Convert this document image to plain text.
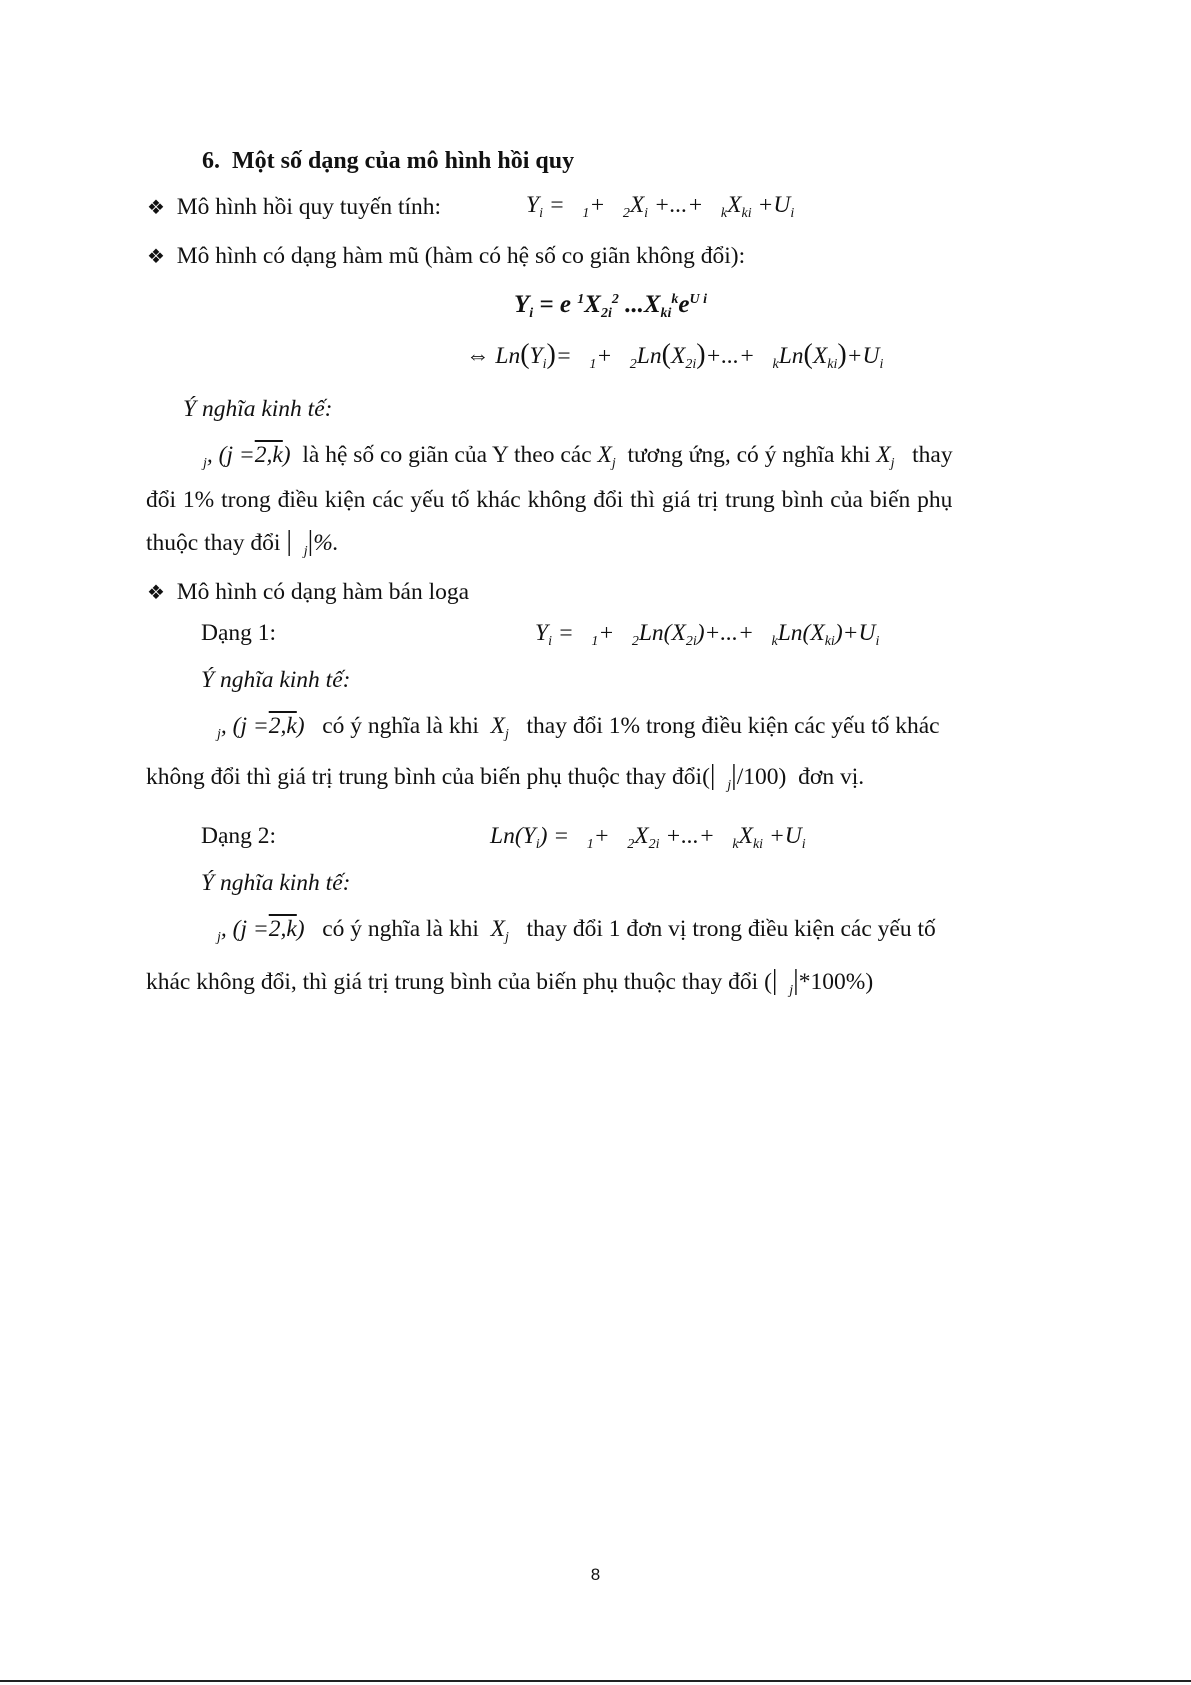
6. Một số dạng của mô hình hồi quy
❖ Mô hình hồi quy tuyến tính:	$Y_i = _1+ _2X_i$ +...+   $_kX_{ki} +U_i$
❖ Mô hình có dạng hàm mũ (hàm có hệ số co giãn không đổi):
$Y_i = e$ $^1X_{2i}^2$ $...X_{ki}^ke^{U i}$
⇔ $Ln(Y_i)= _1+ _2Ln(X_{2i})+...+ _kLn(X_{ki})+U_i$
Ý nghĩa kinh tế:
$_j$, (j =2,k) là hệ số co giãn của Y theo các $X_j$ tương ứng, có ý nghĩa khi $X_j$ thay
đổi 1% trong điều kiện các yếu tố khác không đổi thì giá trị trung bình của biến phụ
thuộc thay đổi | $_j$|%.
❖ Mô hình có dạng hàm bán loga
Dạng 1:	$Y_i = _1+ _2Ln(X_{2i})+...+ _kLn(X_{ki})+U_i$
Ý nghĩa kinh tế:
$_j$, (j =2,k) có ý nghĩa là khi $X_j$ thay đổi 1% trong điều kiện các yếu tố khác
không đổi thì giá trị trung bình của biến phụ thuộc thay đổi(| $_j$|/100) đơn vị.
Dạng 2:	$Ln(Y_i) = _1+ _2X_{2i}$ +...+   $_kX_{ki} +U_i$
Ý nghĩa kinh tế:
$_j$, (j =2,k) có ý nghĩa là khi $X_j$ thay đổi 1 đơn vị trong điều kiện các yếu tố
khác không đổi, thì giá trị trung bình của biến phụ thuộc thay đổi (| $_j$|*100%)
8
